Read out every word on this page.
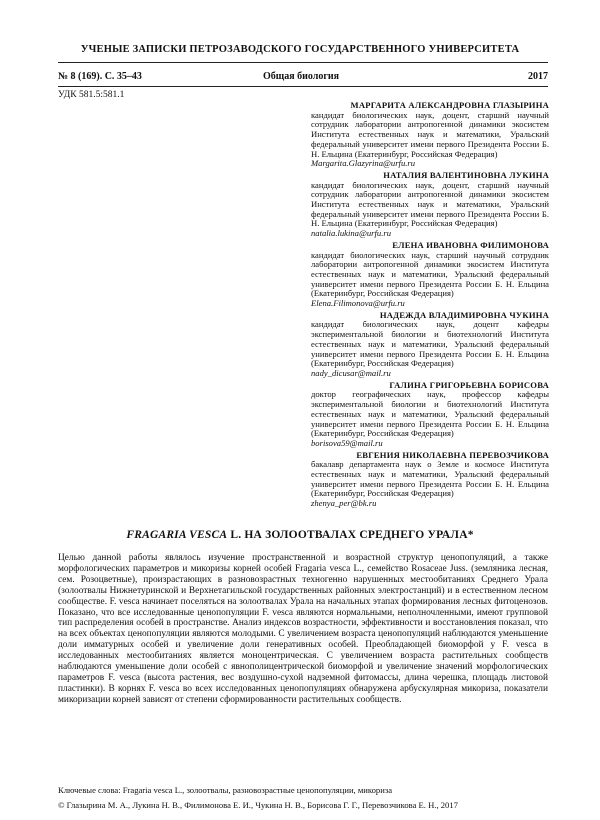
УЧЕНЫЕ ЗАПИСКИ ПЕТРОЗАВОДСКОГО ГОСУДАРСТВЕННОГО УНИВЕРСИТЕТА
№ 8 (169). С. 35–43	Общая биология	2017
УДК 581.5:581.1
МАРГАРИТА АЛЕКСАНДРОВНА ГЛАЗЫРИНА
кандидат биологических наук, доцент, старший научный сотрудник лаборатории антропогенной динамики экосистем Института естественных наук и математики, Уральский федеральный университет имени первого Президента России Б. Н. Ельцина (Екатеринбург, Российская Федерация)
Margarita.Glazyrina@urfu.ru
НАТАЛИЯ ВАЛЕНТИНОВНА ЛУКИНА
кандидат биологических наук, доцент, старший научный сотрудник лаборатории антропогенной динамики экосистем Института естественных наук и математики, Уральский федеральный университет имени первого Президента России Б. Н. Ельцина (Екатеринбург, Российская Федерация)
natalia.lukina@urfu.ru
ЕЛЕНА ИВАНОВНА ФИЛИМОНОВА
кандидат биологических наук, старший научный сотрудник лаборатории антропогенной динамики экосистем Института естественных наук и математики, Уральский федеральный университет имени первого Президента России Б. Н. Ельцина (Екатеринбург, Российская Федерация)
Elena.Filimonova@urfu.ru
НАДЕЖДА ВЛАДИМИРОВНА ЧУКИНА
кандидат биологических наук, доцент кафедры экспериментальной биологии и биотехнологий Института естественных наук и математики, Уральский федеральный университет имени первого Президента России Б. Н. Ельцина (Екатеринбург, Российская Федерация)
nady_dicusar@mail.ru
ГАЛИНА ГРИГОРЬЕВНА БОРИСОВА
доктор географических наук, профессор кафедры экспериментальной биологии и биотехнологий Института естественных наук и математики, Уральский федеральный университет имени первого Президента России Б. Н. Ельцина (Екатеринбург, Российская Федерация)
borisova59@mail.ru
ЕВГЕНИЯ НИКОЛАЕВНА ПЕРЕВОЗЧИКОВА
бакалавр департамента наук о Земле и космосе Института естественных наук и математики, Уральский федеральный университет имени первого Президента России Б. Н. Ельцина (Екатеринбург, Российская Федерация)
zhenya_per@bk.ru
FRAGARIA VESCA L. НА ЗОЛООТВАЛАХ СРЕДНЕГО УРАЛА*
Целью данной работы являлось изучение пространственной и возрастной структур ценопопуляций, а также морфологических параметров и микоризы корней особей Fragaria vesca L., семейство Rosaceae Juss. (земляника лесная, сем. Розоцветные), произрастающих в разновозрастных техногенно нарушенных местообитаниях Среднего Урала (золоотвалы Нижнетуринской и Верхнетагильской государственных районных электростанций) и в естественном лесном сообществе. F. vesca начинает поселяться на золоотвалах Урала на начальных этапах формирования лесных фитоценозов. Показано, что все исследованные ценопопуляции F. vesca являются нормальными, неполночленными, имеют групповой тип распределения особей в пространстве. Анализ индексов возрастности, эффективности и восстановления показал, что на всех объектах ценопопуляции являются молодыми. С увеличением возраста ценопопуляций наблюдаются уменьшение доли имматурных особей и увеличение доли генеративных особей. Преобладающей биоморфой у F. vesca в исследованных местообитаниях является моноцентрическая. С увеличением возраста растительных сообществ наблюдаются уменьшение доли особей с явнополицентрической биоморфой и увеличение значений морфологических параметров F. vesca (высота растения, вес воздушно-сухой надземной фитомассы, длина черешка, площадь листовой пластинки). В корнях F. vesca во всех исследованных ценопопуляциях обнаружена арбускулярная микориза, показатели микоризации корней зависят от степени сформированности растительных сообществ.
Ключевые слова: Fragaria vesca L., золоотвалы, разновозрастные ценопопуляции, микориза
© Глазырина М. А., Лукина Н. В., Филимонова Е. И., Чукина Н. В., Борисова Г. Г., Перевозчикова Е. Н., 2017
